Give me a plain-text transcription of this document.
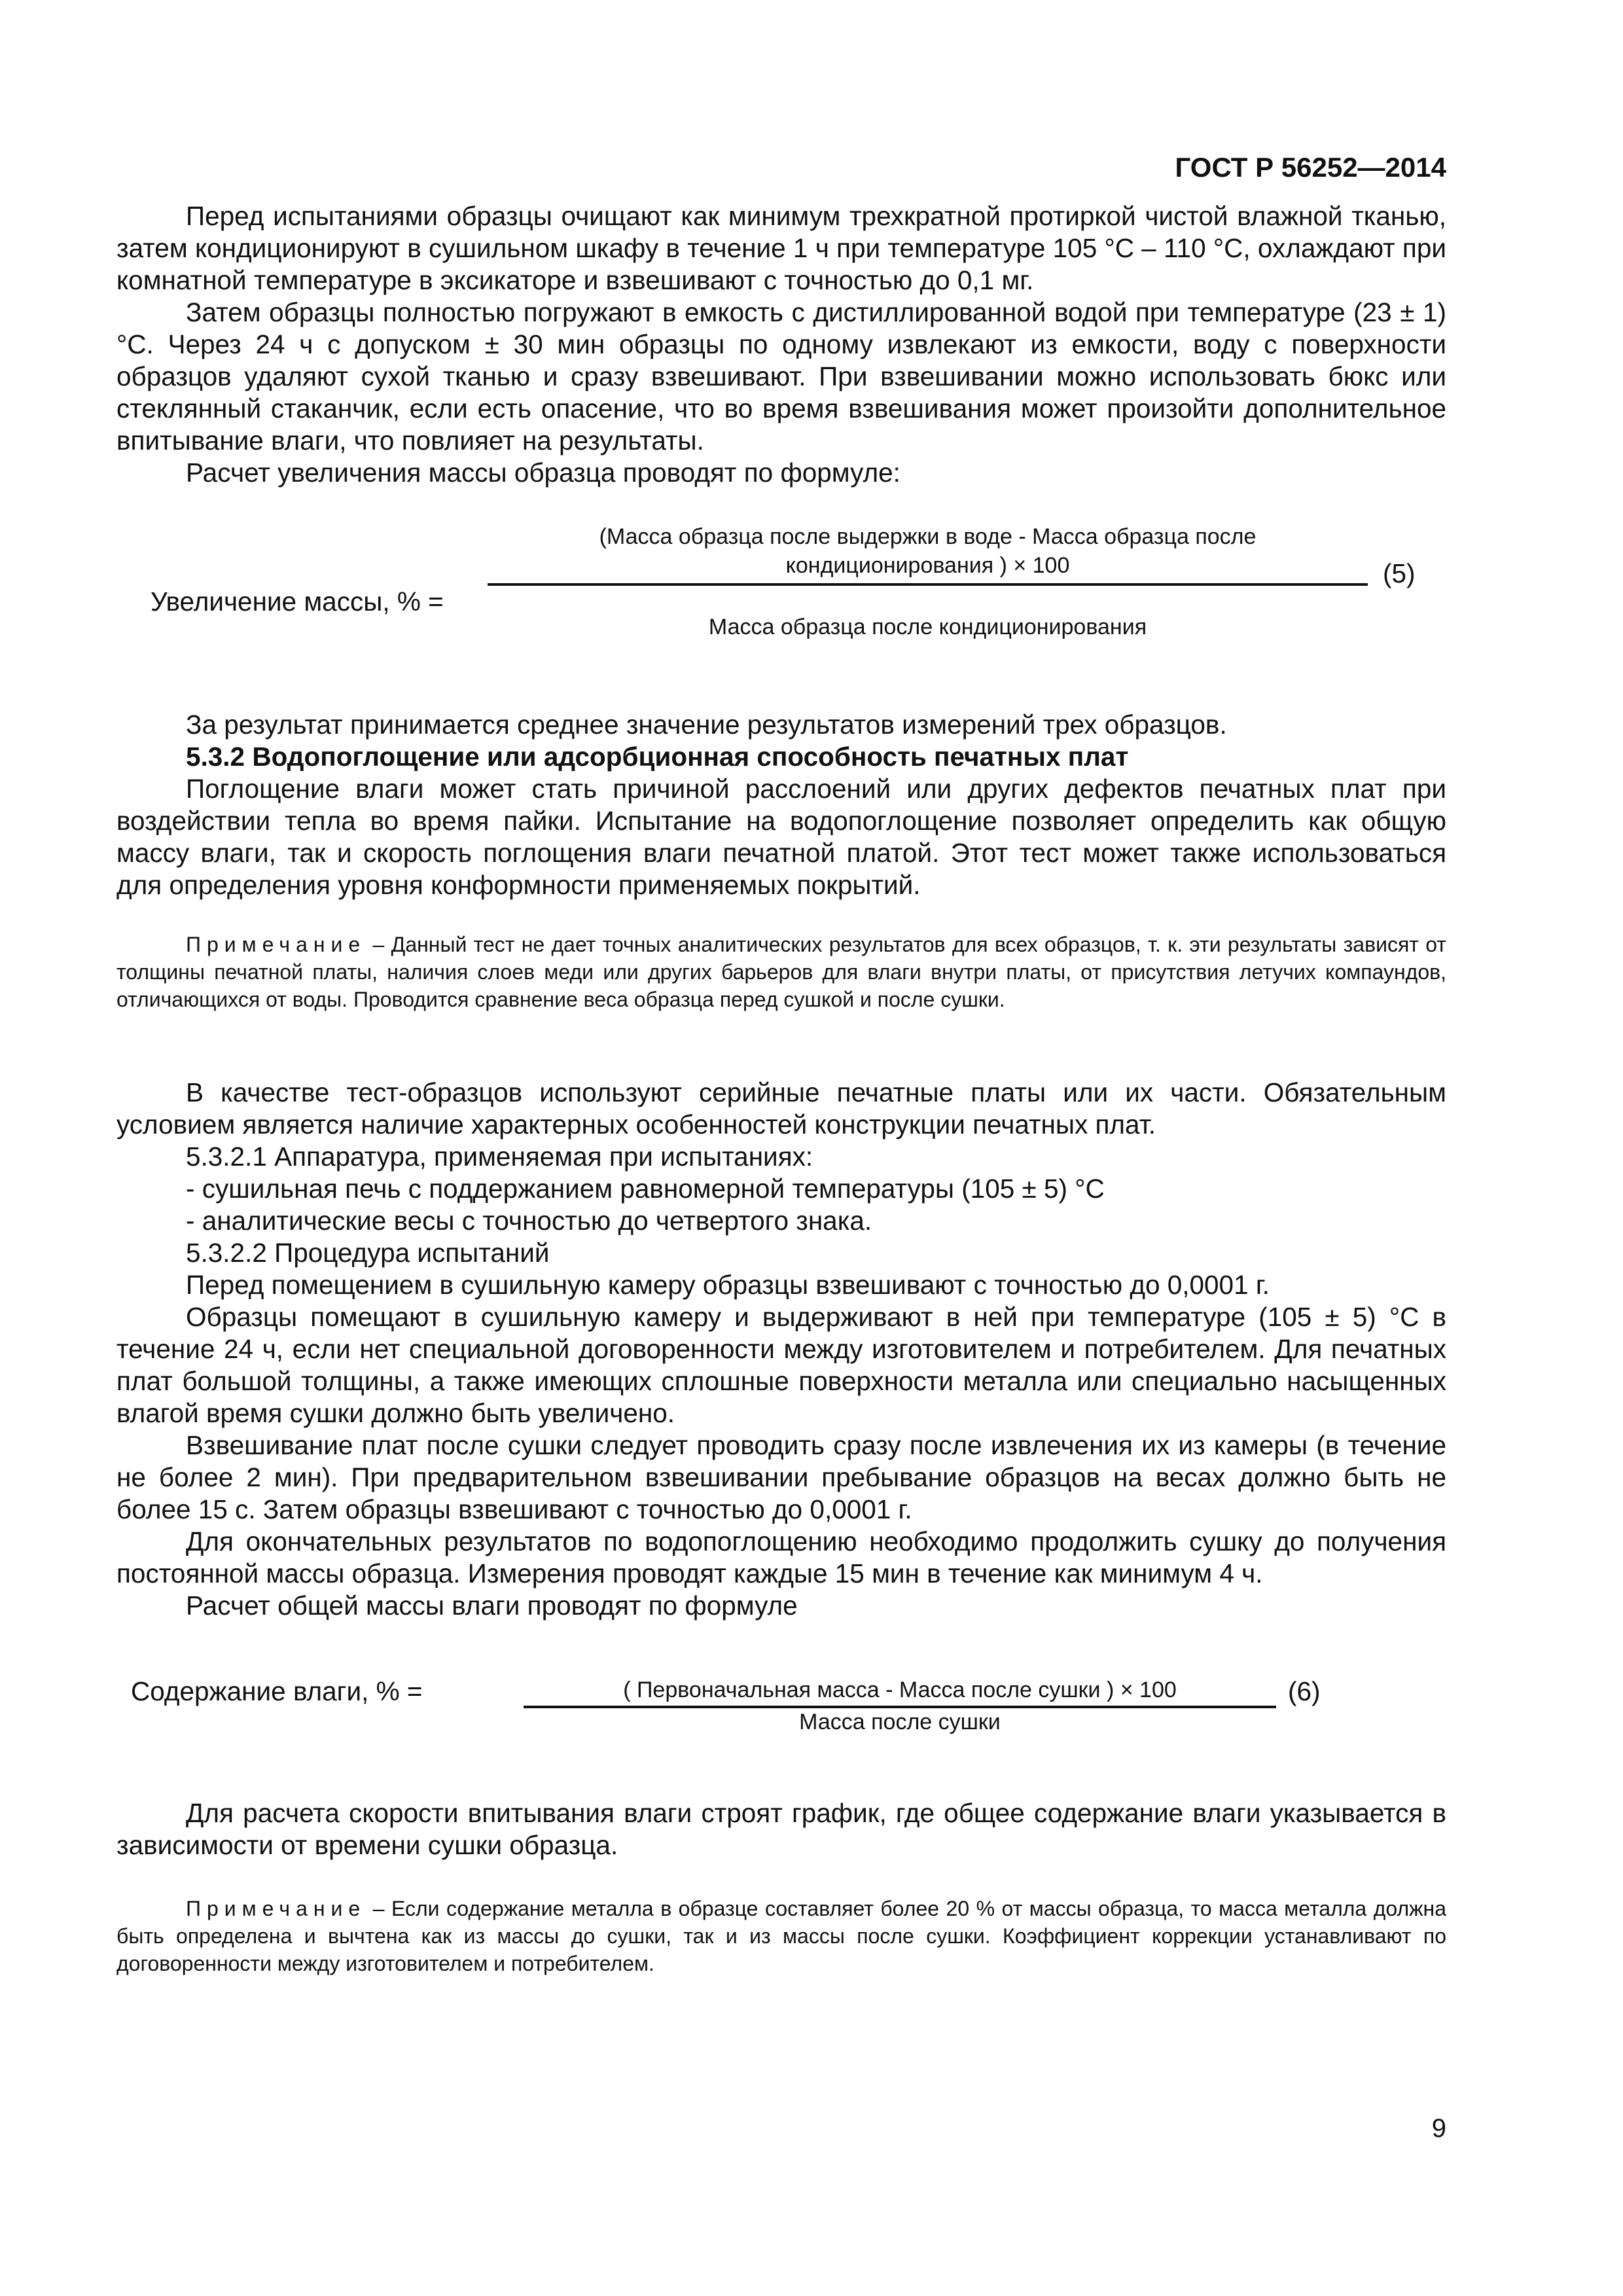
ГОСТ Р 56252—2014

Перед испытаниями образцы очищают как минимум трехкратной протиркой чистой влажной тканью, затем кондиционируют в сушильном шкафу в течение 1 ч при температуре 105 °С – 110 °С, охлаждают при комнатной температуре в эксикаторе и взвешивают с точностью до 0,1 мг.

Затем образцы полностью погружают в емкость с дистиллированной водой при температуре (23 ± 1) °С. Через 24 ч с допуском ± 30 мин образцы по одному извлекают из емкости, воду с поверхности образцов удаляют сухой тканью и сразу взвешивают. При взвешивании можно использовать бюкс или стеклянный стаканчик, если есть опасение, что во время взвешивания может произойти дополнительное впитывание влаги, что повлияет на результаты.

Расчет увеличения массы образца проводят по формуле:

Увеличение массы, % =
(Масса образца после выдержки в воде - Масса образца после
кондиционирования ) × 100
Масса образца после кондиционирования
(5)

За результат принимается среднее значение результатов измерений трех образцов.

5.3.2 Водопоглощение или адсорбционная способность печатных плат

Поглощение влаги может стать причиной расслоений или других дефектов печатных плат при воздействии тепла во время пайки. Испытание на водопоглощение позволяет определить как общую массу влаги, так и скорость поглощения влаги печатной платой. Этот тест может также использоваться для определения уровня конформности применяемых покрытий.

Примечание – Данный тест не дает точных аналитических результатов для всех образцов, т. к. эти результаты зависят от толщины печатной платы, наличия слоев меди или других барьеров для влаги внутри платы, от присутствия летучих компаундов, отличающихся от воды. Проводится сравнение веса образца перед сушкой и после сушки.

В качестве тест-образцов используют серийные печатные платы или их части. Обязательным условием является наличие характерных особенностей конструкции печатных плат.

5.3.2.1 Аппаратура, применяемая при испытаниях:

- сушильная печь с поддержанием равномерной температуры (105 ± 5) °С

- аналитические весы с точностью до четвертого знака.

5.3.2.2 Процедура испытаний

Перед помещением в сушильную камеру образцы взвешивают с точностью до 0,0001 г.

Образцы помещают в сушильную камеру и выдерживают в ней при температуре (105 ± 5) °С в течение 24 ч, если нет специальной договоренности между изготовителем и потребителем. Для печатных плат большой толщины, а также имеющих сплошные поверхности металла или специально насыщенных влагой время сушки должно быть увеличено.

Взвешивание плат после сушки следует проводить сразу после извлечения их из камеры (в течение не более 2 мин). При предварительном взвешивании пребывание образцов на весах должно быть не более 15 с. Затем образцы взвешивают с точностью до 0,0001 г.

Для окончательных результатов по водопоглощению необходимо продолжить сушку до получения постоянной массы образца. Измерения проводят каждые 15 мин в течение как минимум 4 ч.

Расчет общей массы влаги проводят по формуле

Содержание влаги, % =	( Первоначальная масса - Масса после сушки ) × 100
Масса после сушки
(6)

Для расчета скорости впитывания влаги строят график, где общее содержание влаги указывается в зависимости от времени сушки образца.

Примечание – Если содержание металла в образце составляет более 20 % от массы образца, то масса металла должна быть определена и вычтена как из массы до сушки, так и из массы после сушки. Коэффициент коррекции устанавливают по договоренности между изготовителем и потребителем.

9
